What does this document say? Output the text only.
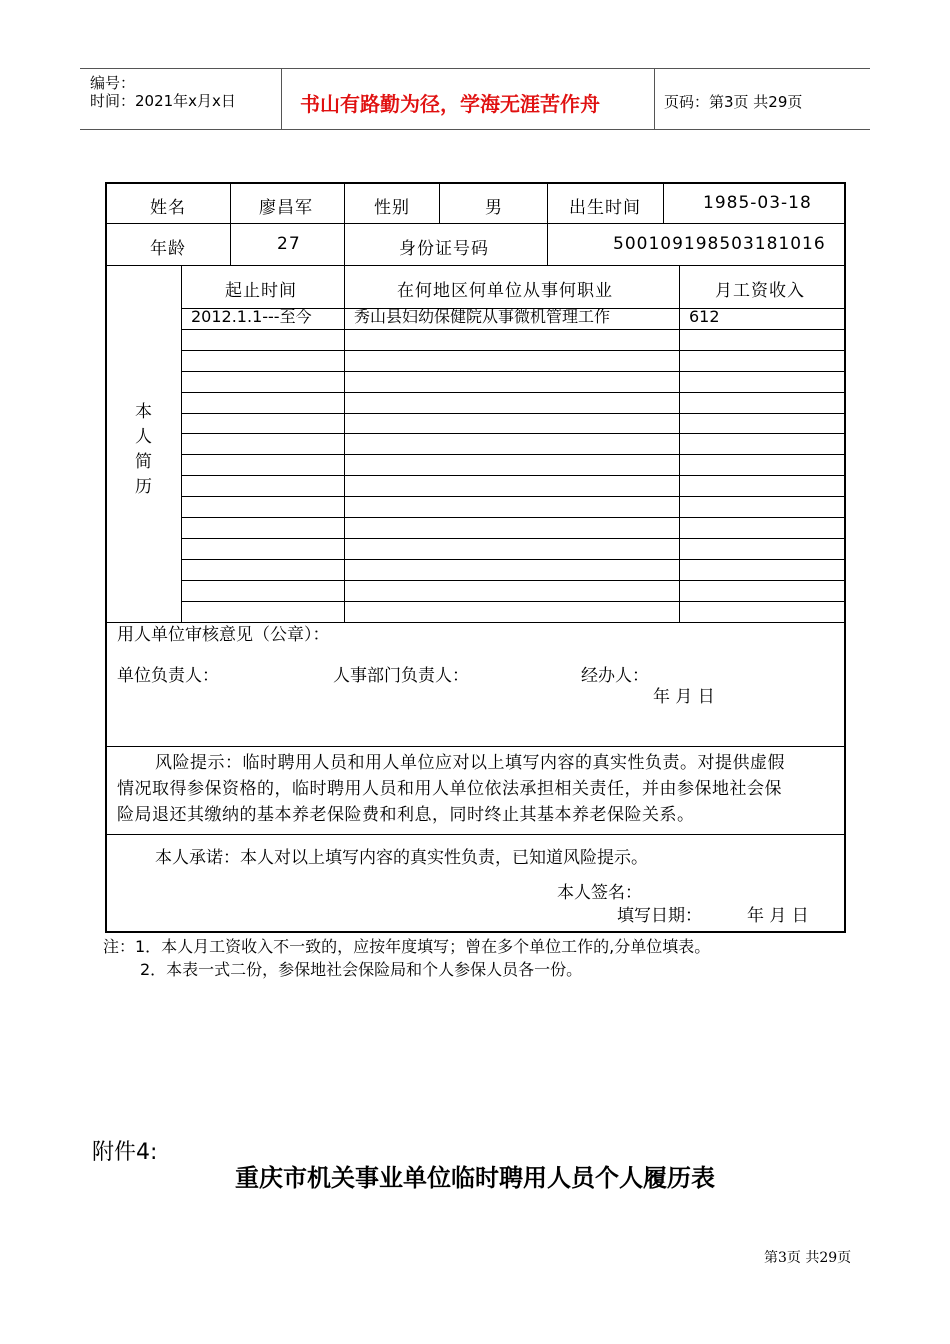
编号：
时间：2021年x月x日	书山有路勤为径，学海无涯苦作舟	页码：第3页 共29页
姓名	廖昌军	性别	男	出生时间	1985-03-18
年龄	27	身份证号码	500109198503181016
本人简历
起止时间	在何地区何单位从事何职业	月工资收入
2012.1.1---至今	秀山县妇幼保健院从事微机管理工作	612
用人单位审核意见（公章）：
单位负责人：	人事部门负责人：	经办人：
年 月 日
风险提示：临时聘用人员和用人单位应对以上填写内容的真实性负责。对提供虚假
情况取得参保资格的，临时聘用人员和用人单位依法承担相关责任，并由参保地社会保
险局退还其缴纳的基本养老保险费和利息，同时终止其基本养老保险关系。
本人承诺：本人对以上填写内容的真实性负责，已知道风险提示。
本人签名：
填写日期：	年 月 日
注：1．本人月工资收入不一致的，应按年度填写；曾在多个单位工作的,分单位填表。
2．本表一式二份，参保地社会保险局和个人参保人员各一份。
附件4:
重庆市机关事业单位临时聘用人员个人履历表
第3页 共29页
